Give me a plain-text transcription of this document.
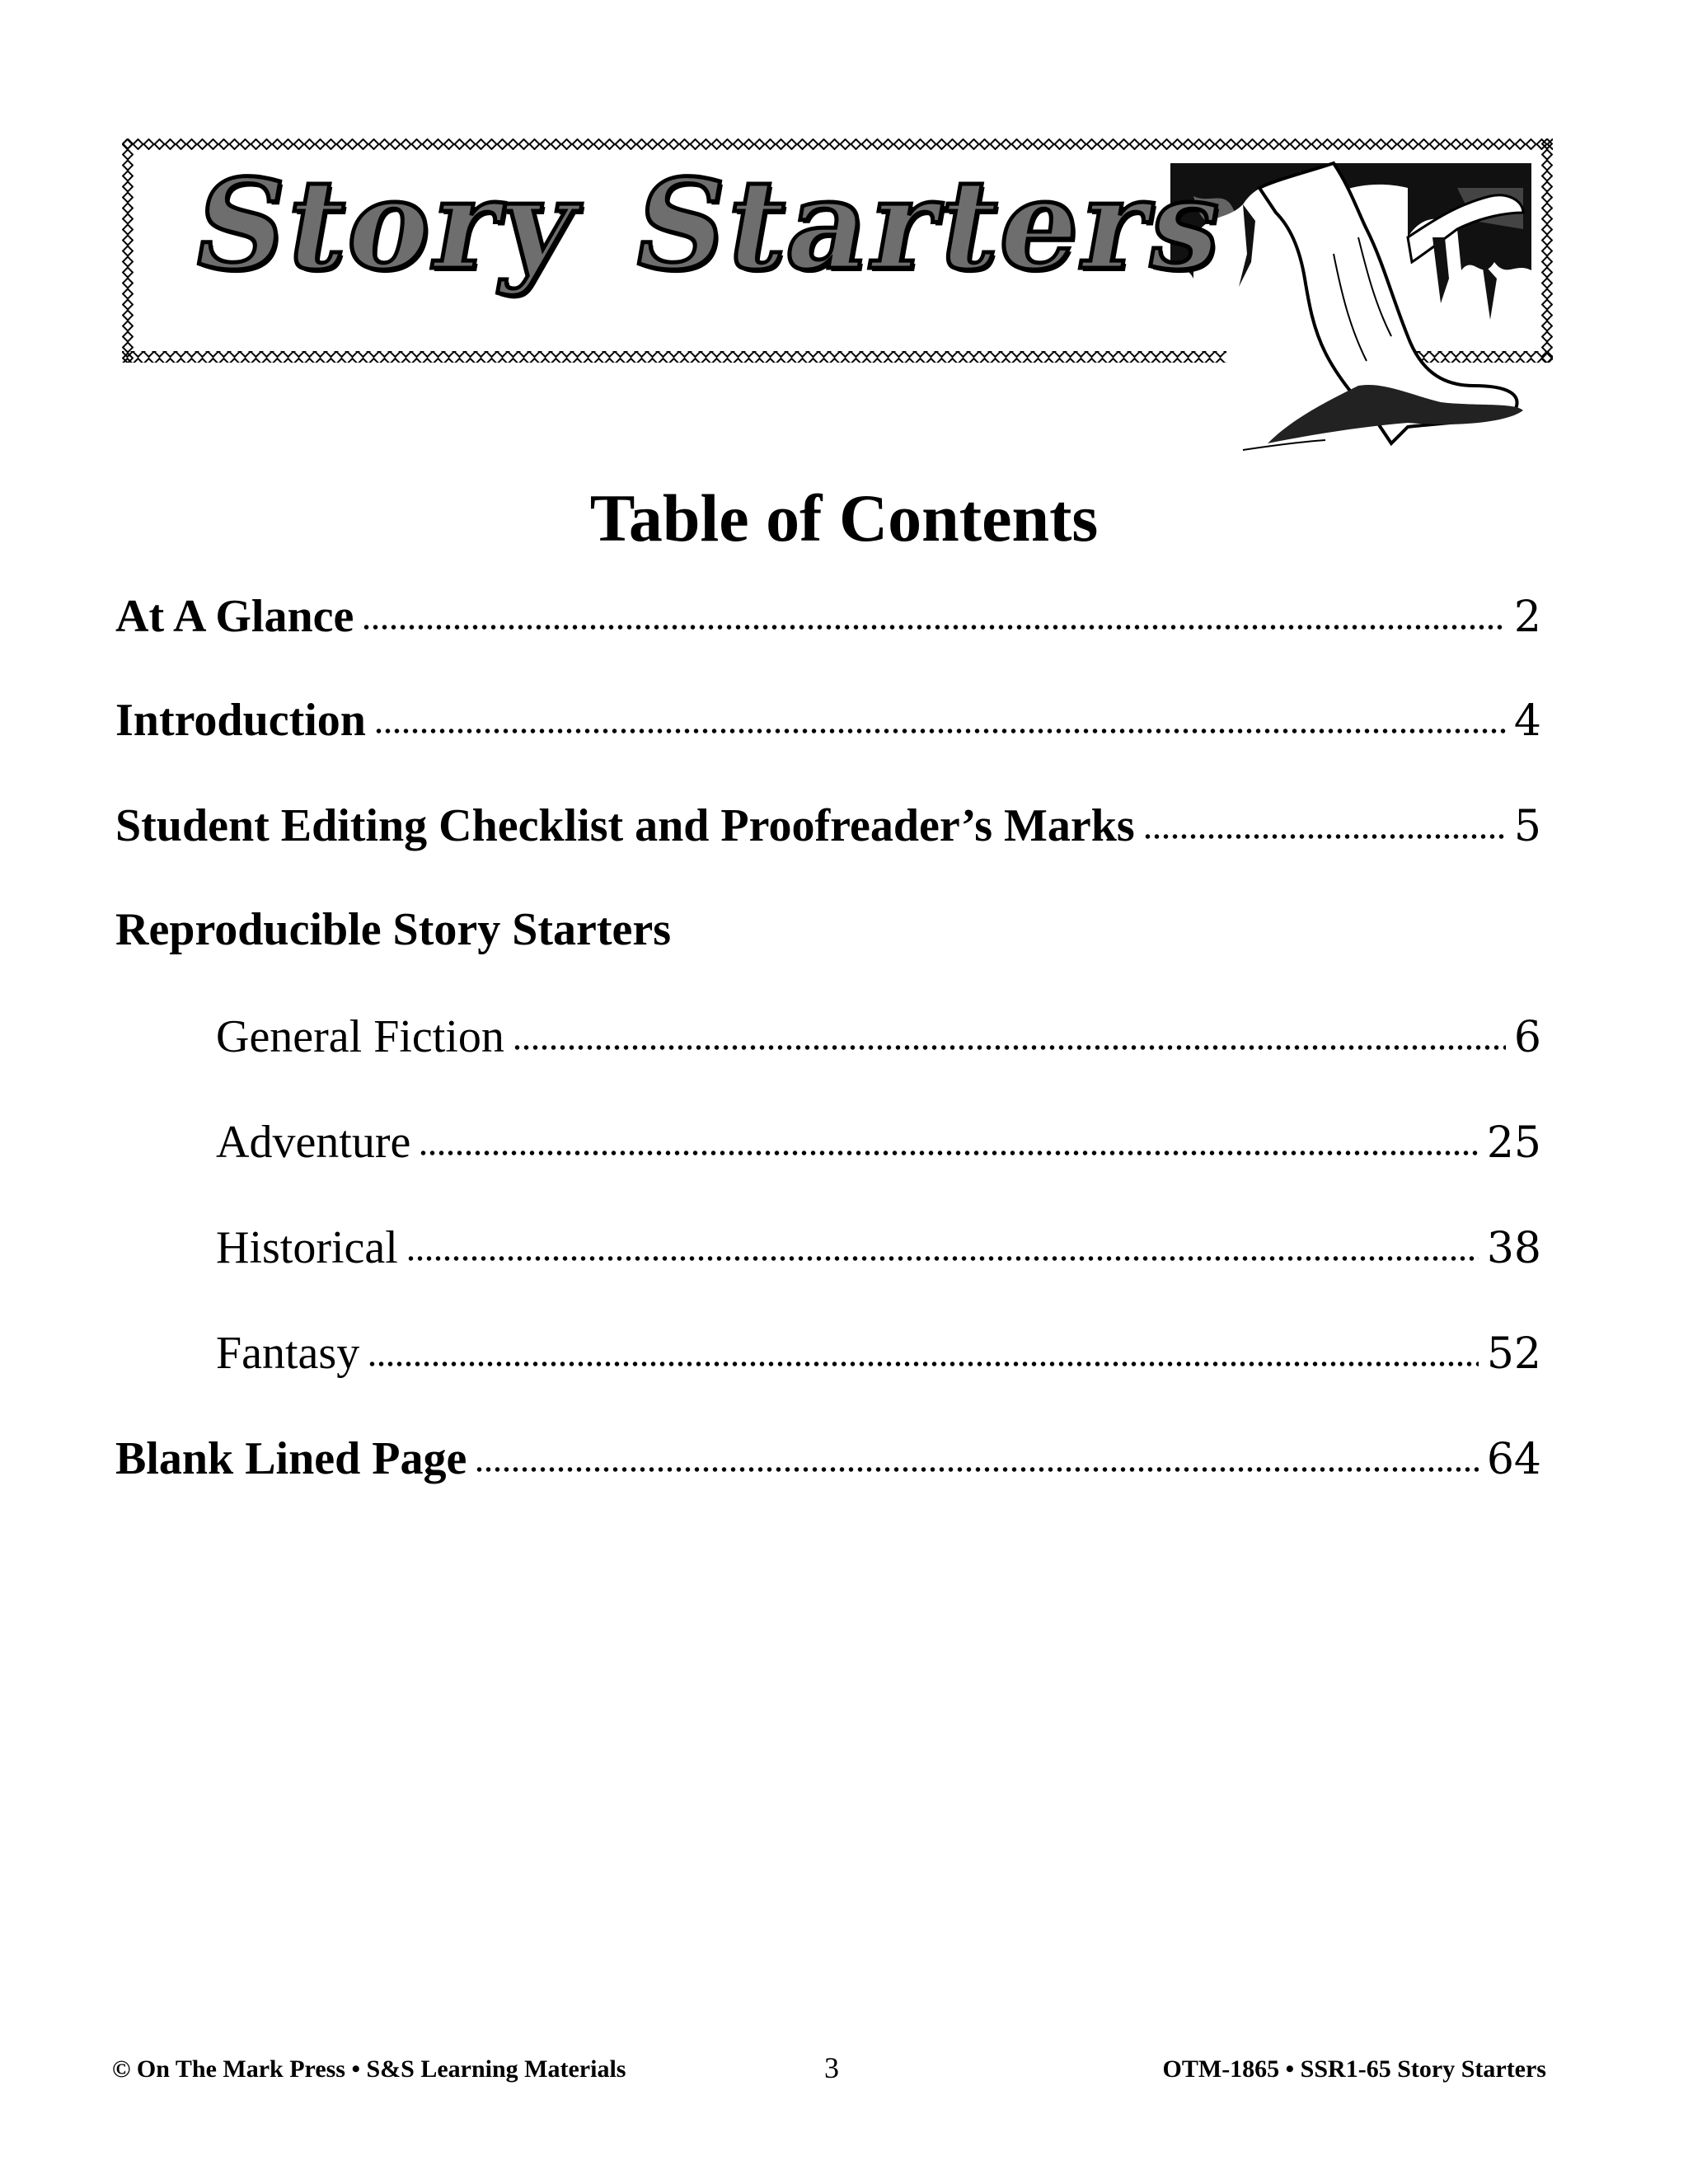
Story Starters
Table of Contents
At A Glance	2
Introduction	4
Student Editing Checklist and Proofreader’s Marks	5
Reproducible Story Starters
General Fiction	6
Adventure	25
Historical	38
Fantasy	52
Blank Lined Page	64
© On The Mark Press • S&S Learning Materials	3	OTM-1865 • SSR1-65 Story Starters
